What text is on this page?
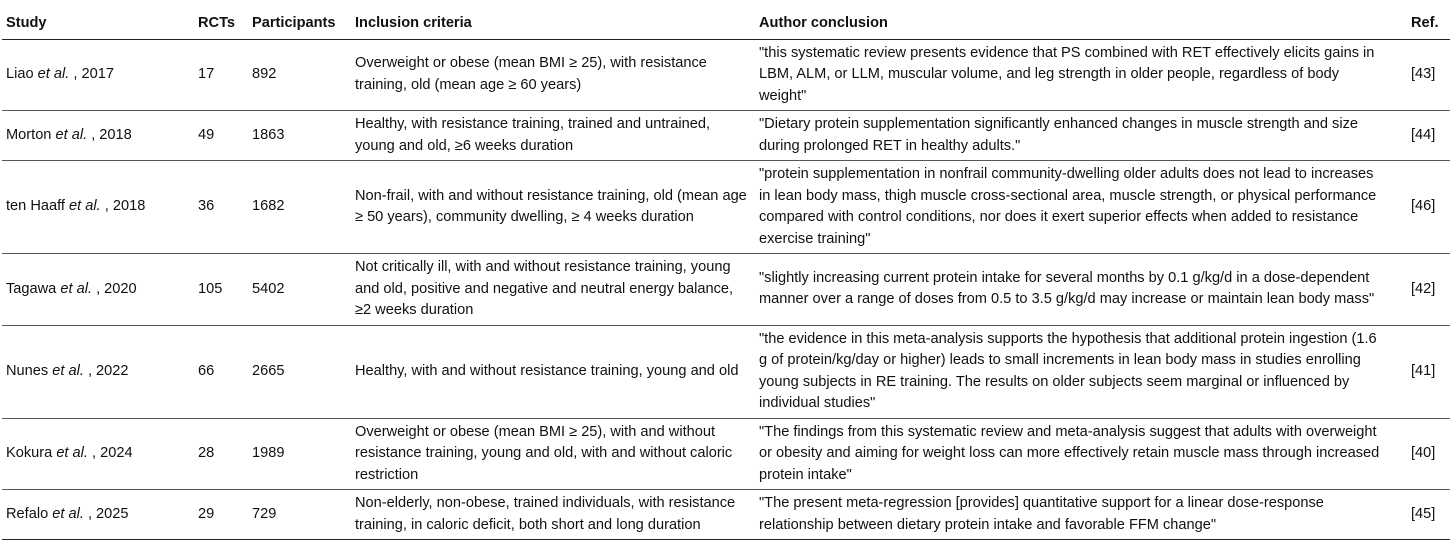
Study	RCTs	Participants	Inclusion criteria	Author conclusion	Ref.
Liao et al. , 2017	17	892	Overweight or obese (mean BMI ≥ 25), with resistance training, old (mean age ≥ 60 years)	"this systematic review presents evidence that PS combined with RET effectively elicits gains in LBM, ALM, or LLM, muscular volume, and leg strength in older people, regardless of body weight"	[43]
Morton et al. , 2018	49	1863	Healthy, with resistance training, trained and untrained, young and old, ≥6 weeks duration	"Dietary protein supplementation significantly enhanced changes in muscle strength and size during prolonged RET in healthy adults."	[44]
ten Haaff et al. , 2018	36	1682	Non-frail, with and without resistance training, old (mean age ≥ 50 years), community dwelling, ≥ 4 weeks duration	"protein supplementation in nonfrail community-dwelling older adults does not lead to increases in lean body mass, thigh muscle cross-sectional area, muscle strength, or physical performance compared with control conditions, nor does it exert superior effects when added to resistance exercise training"	[46]
Tagawa et al. , 2020	105	5402	Not critically ill, with and without resistance training, young and old, positive and negative and neutral energy balance, ≥2 weeks duration	"slightly increasing current protein intake for several months by 0.1 g/kg/d in a dose-dependent manner over a range of doses from 0.5 to 3.5 g/kg/d may increase or maintain lean body mass"	[42]
Nunes et al. , 2022	66	2665	Healthy, with and without resistance training, young and old	"the evidence in this meta-analysis supports the hypothesis that additional protein ingestion (1.6 g of protein/kg/day or higher) leads to small increments in lean body mass in studies enrolling young subjects in RE training. The results on older subjects seem marginal or influenced by individual studies"	[41]
Kokura et al. , 2024	28	1989	Overweight or obese (mean BMI ≥ 25), with and without resistance training, young and old, with and without caloric restriction	"The findings from this systematic review and meta-analysis suggest that adults with overweight or obesity and aiming for weight loss can more effectively retain muscle mass through increased protein intake"	[40]
Refalo et al. , 2025	29	729	Non-elderly, non-obese, trained individuals, with resistance training, in caloric deficit, both short and long duration	"The present meta-regression [provides] quantitative support for a linear dose-response relationship between dietary protein intake and favorable FFM change"	[45]
